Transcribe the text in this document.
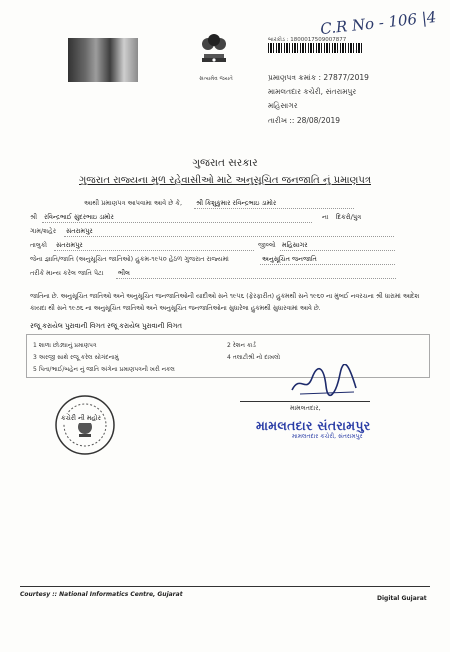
C.R No - 106 |4
સત્યમેવ જયતે
બારકોડ : 1800017509007877
પ્રમાણપત્ર ક્રમાંક : 27877/2019
મામલતદાર કચેરી, સંતરામપુર
મહિસાગર
તારીખ :: 28/08/2019
ગુજરાત સરકાર
ગુજરાત રાજ્યના મુળ રહેવાસીઓ માટે અનુસૂચિત જનજાતિ નું પ્રમાણપત્ર
આથી પ્રમાણપત્ર આપવામા આવે છે કે, શ્રી કિશુકુમાર રવિન્દ્રભાઇ ડામોર
શ્રી રવિન્દ્રભાઈ સુંદરભાઇ ડામોર	ના દિકરો/પુત્ર
ગામ/શહેર સંતરામપુર
તાલુકો સંતરામપુર	જીલ્લો મહિસાગર
જેના જ્ઞાતિ/જાતિ (અનુસૂચિત જાતિઓ) હુકમ-૧૯૫૦ હેઠળ ગુજરાત રાજ્યમાં	અનુસૂચિત જનજાતિ
તરીકે માન્ય કરેલ જાતિ પેટા ભીલ
જાતિના છે. અનુસૂચિત જાતિઓ અને અનુસૂચિત જનજાતિઓની યાદીઓ સને ૧૯૫૬ (ફેરફારીત) હુકમથી સને ૧૯૬૦ ના મુંબઈ નવરચના શ્રી ધારામાં આદેશ કાયદા થી સને ૧૯૭૬ ના અનુસૂચિત જાતિઓ અને અનુસૂચિત જનજાતિઓના સુધારેલા હુકમથી સુધારવામાં આવે છે.
રજૂ કરાયેલ પુરાવાની વિગત રજૂ કરાયેલ પુરાવાની વિગત
1 શાળા છોડ્યાનું પ્રમાણપત્ર	2 રેશન કાર્ડ
3 અરજી સાથે રજૂ કરેલ સોગંદનામું	4 તલાટીશ્રી નો દાખલો
5 પિતા/ભાઈ/બહેન નું જાતિ અંગેના પ્રમાણપત્રની ખરી નકલ
મામલતદાર,
મામલતદાર સંતરામપુર
મામલતદાર કચેરી, સંતરામપુર
કચેરી ની મહોર
Courtesy :: National Informatics Centre, Gujarat
Digital Gujarat
